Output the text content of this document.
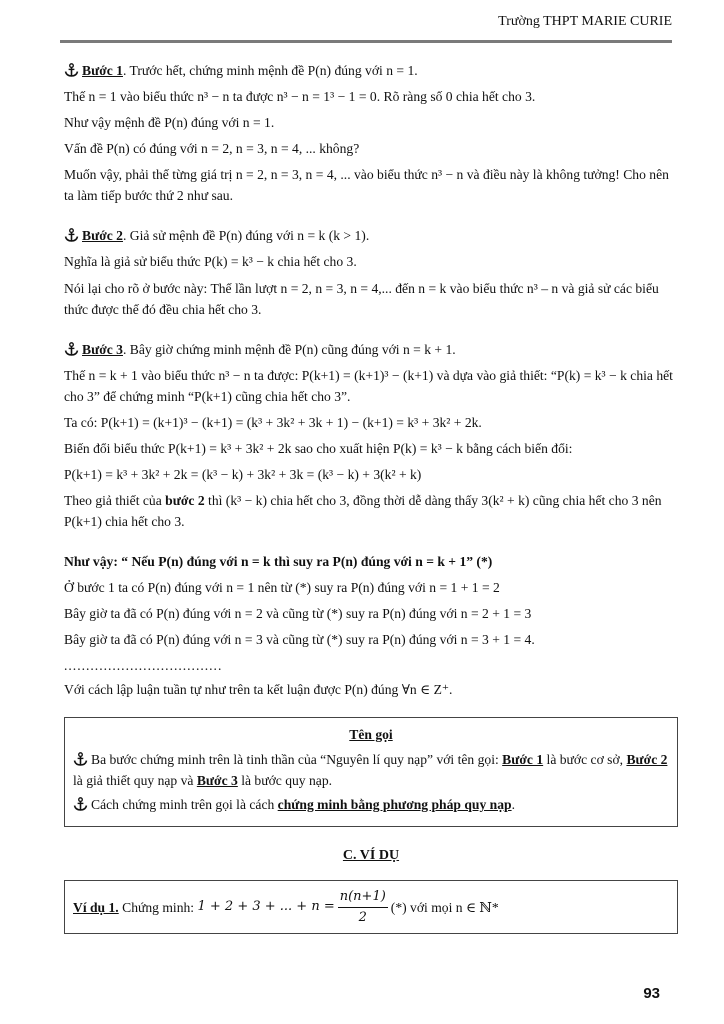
Trường THPT MARIE CURIE

Bước 1. Trước hết, chứng minh mệnh đề P(n) đúng với n = 1.

Thế n = 1 vào biểu thức n³ − n ta được n³ − n = 1³ − 1 = 0. Rõ ràng số 0 chia hết cho 3.

Như vậy mệnh đề P(n) đúng với n = 1.

Vấn đề P(n) có đúng với n = 2, n = 3, n = 4, ... không?

Muốn vậy, phải thế từng giá trị n = 2, n = 3, n = 4, ... vào biểu thức n³ − n và điều này là không tưởng! Cho nên ta làm tiếp bước thứ 2 như sau.

Bước 2. Giả sử mệnh đề P(n) đúng với n = k (k > 1).

Nghĩa là giả sử biểu thức P(k) = k³ − k chia hết cho 3.

Nói lại cho rõ ở bước này: Thế lần lượt n = 2, n = 3, n = 4,... đến n = k vào biểu thức n³ – n và giả sử các biểu thức được thế đó đều chia hết cho 3.

Bước 3. Bây giờ chứng minh mệnh đề P(n) cũng đúng với n = k + 1.

Thế n = k + 1 vào biểu thức n³ − n ta được: P(k+1) = (k+1)³ − (k+1) và dựa vào giả thiết: “P(k) = k³ − k chia hết cho 3” để chứng minh “P(k+1) cũng chia hết cho 3”.

Ta có: P(k+1) = (k+1)³ − (k+1) = (k³ + 3k² + 3k + 1) − (k+1) = k³ + 3k² + 2k.

Biến đổi biểu thức P(k+1) = k³ + 3k² + 2k sao cho xuất hiện P(k) = k³ − k bằng cách biến đổi:

P(k+1) = k³ + 3k² + 2k = (k³ − k) + 3k² + 3k = (k³ − k) + 3(k² + k)

Theo giả thiết của bước 2 thì (k³ − k) chia hết cho 3, đồng thời dễ dàng thấy 3(k² + k) cũng chia hết cho 3 nên P(k+1) chia hết cho 3.

Như vậy: “ Nếu P(n) đúng với n = k thì suy ra P(n) đúng với n = k + 1” (*)

Ở bước 1 ta có P(n) đúng với n = 1 nên từ (*) suy ra P(n) đúng với n = 1 + 1 = 2

Bây giờ ta đã có P(n) đúng với n = 2 và cũng từ (*) suy ra P(n) đúng với n = 2 + 1 = 3

Bây giờ ta đã có P(n) đúng với n = 3 và cũng từ (*) suy ra P(n) đúng với n = 3 + 1 = 4.

....................................

Với cách lập luận tuần tự như trên ta kết luận được P(n) đúng ∀n ∈ Z⁺.

Tên gọi

Ba bước chứng minh trên là tinh thần của “Nguyên lí quy nạp” với tên gọi: Bước 1 là bước cơ sở, Bước 2 là giả thiết quy nạp và Bước 3 là bước quy nạp.

Cách chứng minh trên gọi là cách chứng minh bằng phương pháp quy nạp.

C. VÍ DỤ
Ví dụ 1.
Chứng minh:
1 + 2 + 3 + ... + $n = \frac{n(n+1)}{2}$ (*) với mọi n ∈ ℕ*
93
